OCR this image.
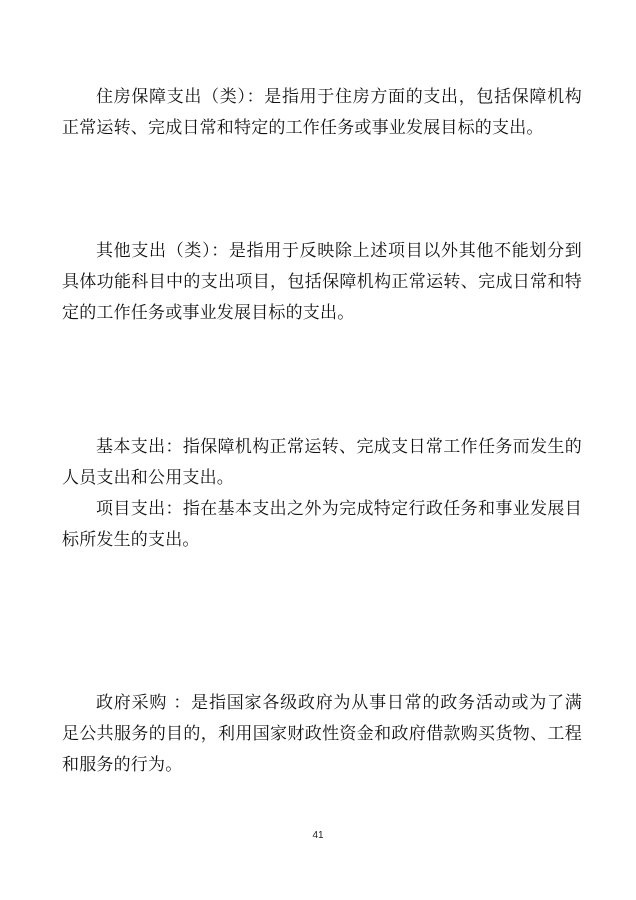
住房保障支出（类）：是指用于住房方面的支出，包括保障机构正常运转、完成日常和特定的工作任务或事业发展目标的支出。

其他支出（类）：是指用于反映除上述项目以外其他不能划分到具体功能科目中的支出项目，包括保障机构正常运转、完成日常和特定的工作任务或事业发展目标的支出。

基本支出：指保障机构正常运转、完成支日常工作任务而发生的人员支出和公用支出。

项目支出：指在基本支出之外为完成特定行政任务和事业发展目标所发生的支出。

政府采购 ：是指国家各级政府为从事日常的政务活动或为了满足公共服务的目的，利用国家财政性资金和政府借款购买货物、工程和服务的行为。

41
